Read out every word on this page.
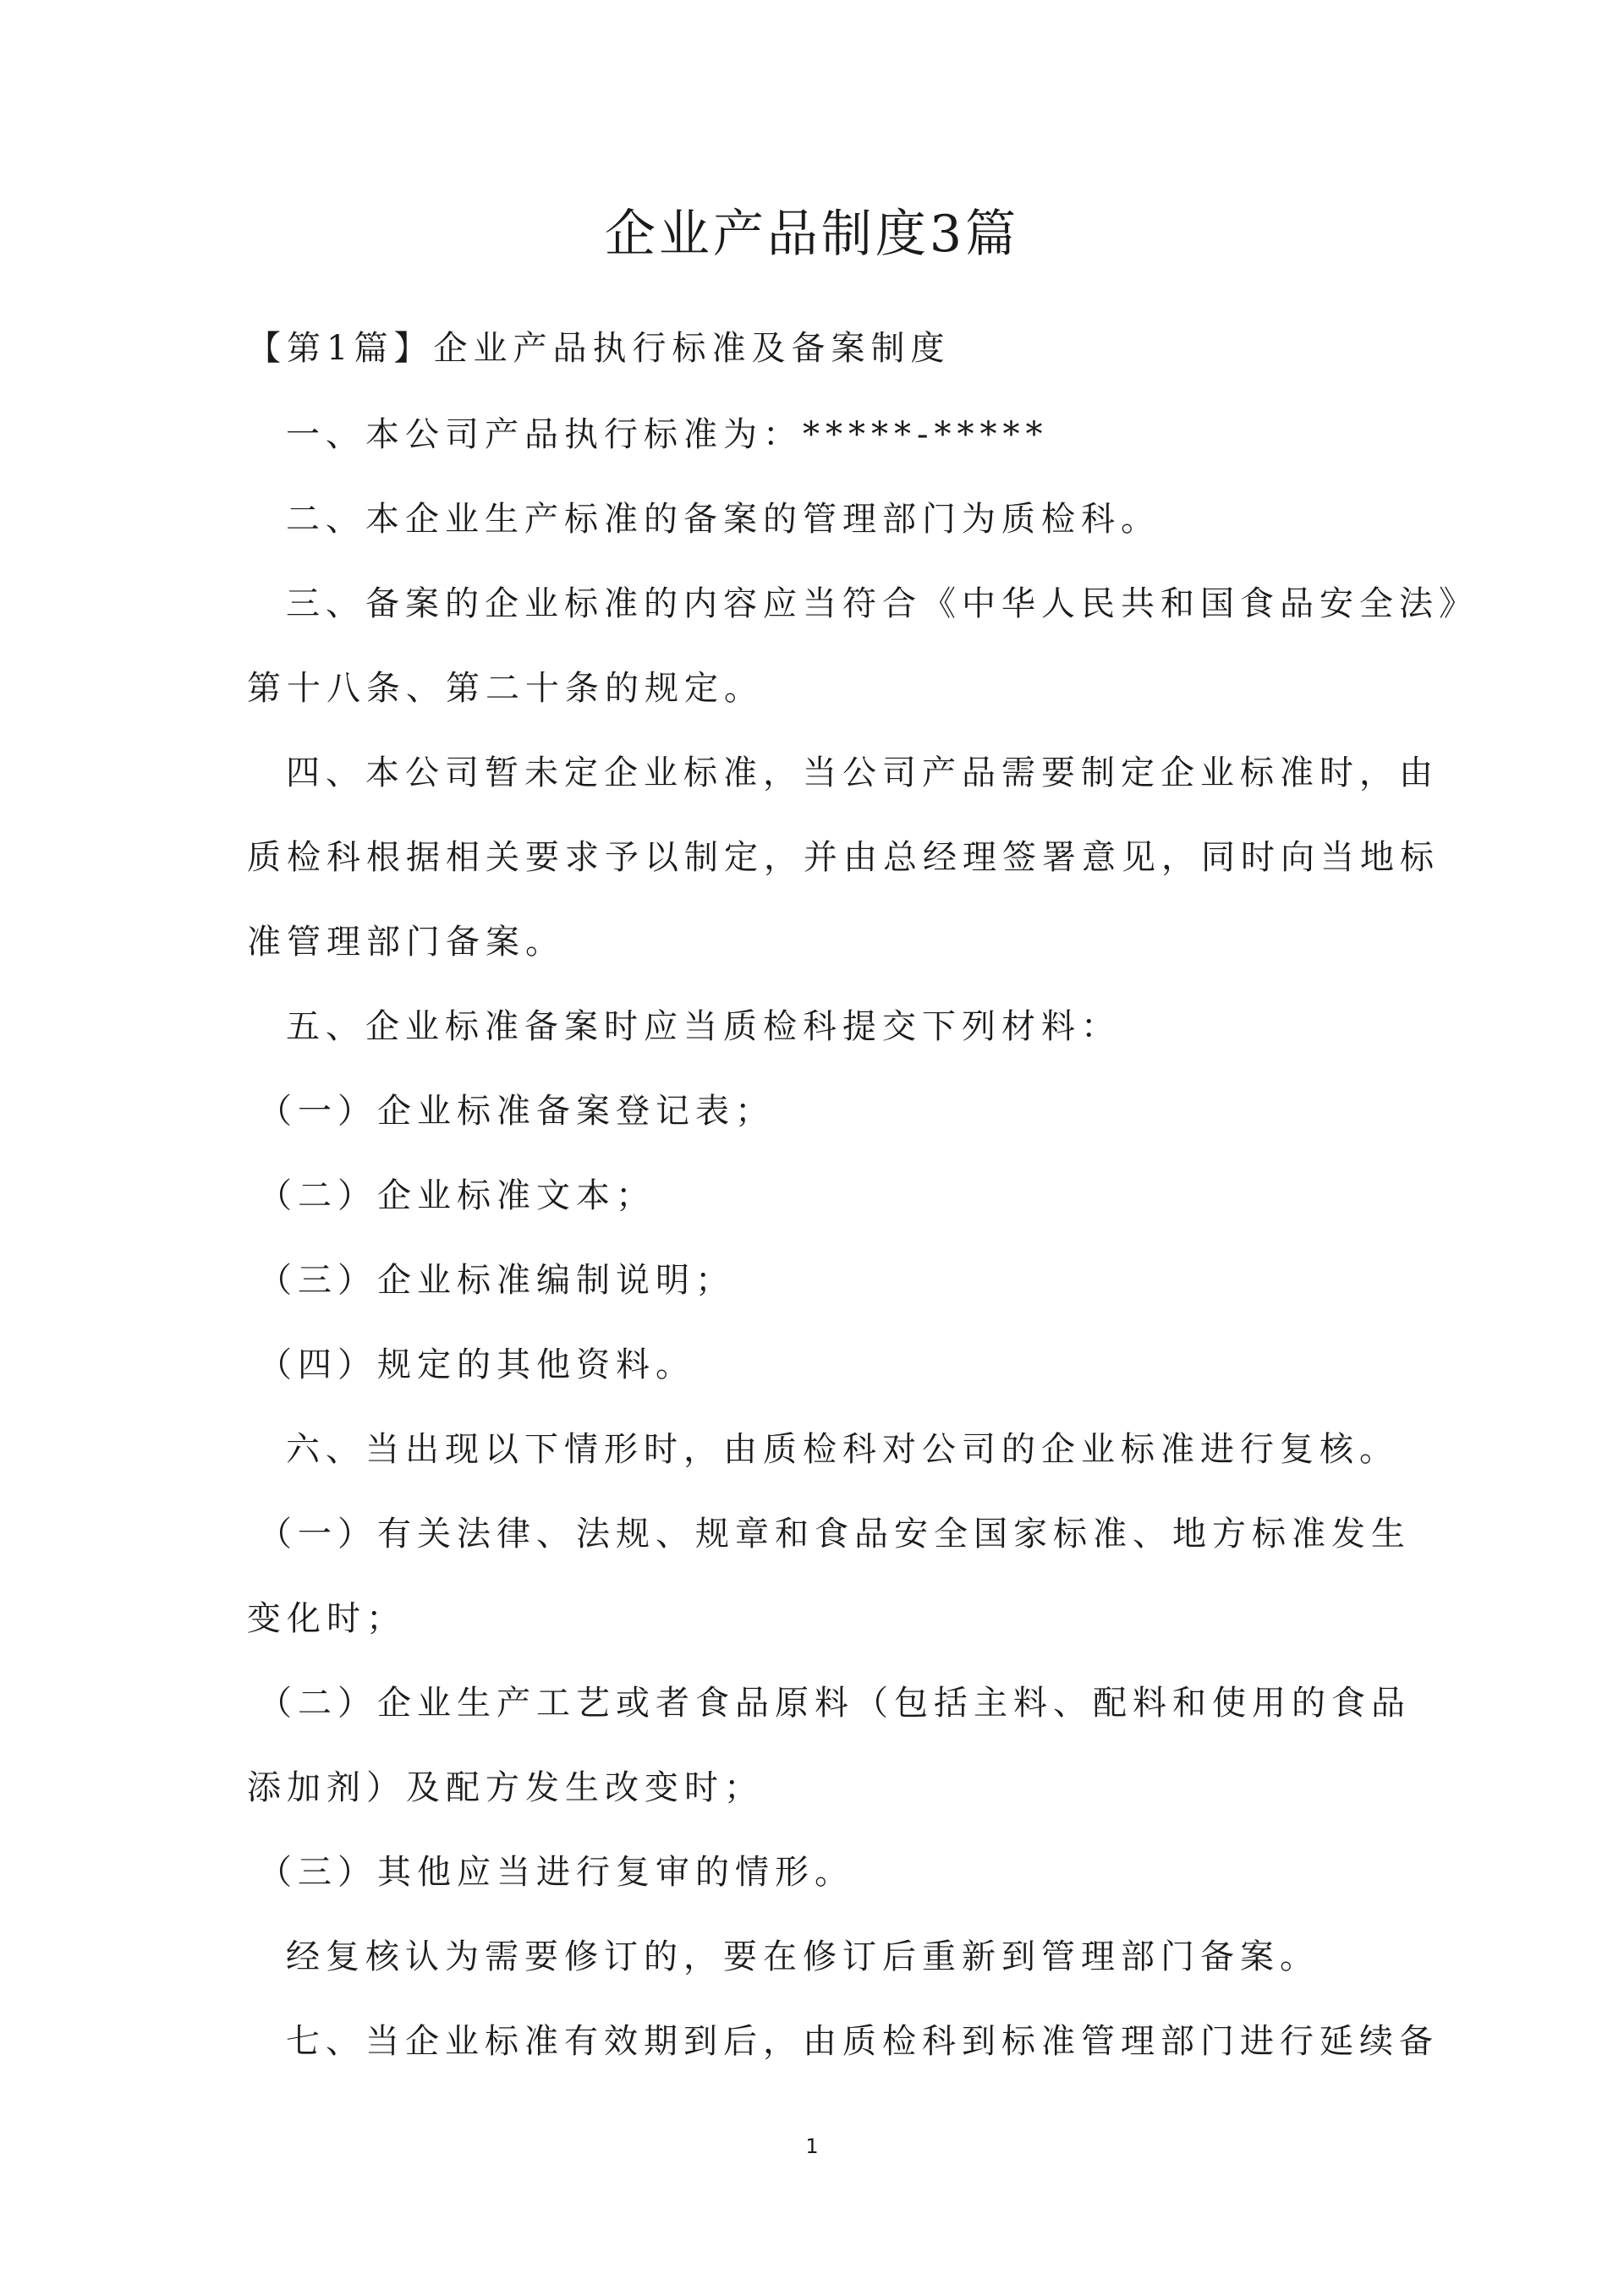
企业产品制度3篇
【第1篇】企业产品执行标准及备案制度
一、本公司产品执行标准为：*****-*****
二、本企业生产标准的备案的管理部门为质检科。
三、备案的企业标准的内容应当符合《中华人民共和国食品安全法》
第十八条、第二十条的规定。
四、本公司暂未定企业标准，当公司产品需要制定企业标准时，由
质检科根据相关要求予以制定，并由总经理签署意见，同时向当地标
准管理部门备案。
五、企业标准备案时应当质检科提交下列材料：
（一）企业标准备案登记表；
（二）企业标准文本；
（三）企业标准编制说明；
（四）规定的其他资料。
六、当出现以下情形时，由质检科对公司的企业标准进行复核。
（一）有关法律、法规、规章和食品安全国家标准、地方标准发生
变化时；
（二）企业生产工艺或者食品原料（包括主料、配料和使用的食品
添加剂）及配方发生改变时；
（三）其他应当进行复审的情形。
经复核认为需要修订的，要在修订后重新到管理部门备案。
七、当企业标准有效期到后，由质检科到标准管理部门进行延续备
1
